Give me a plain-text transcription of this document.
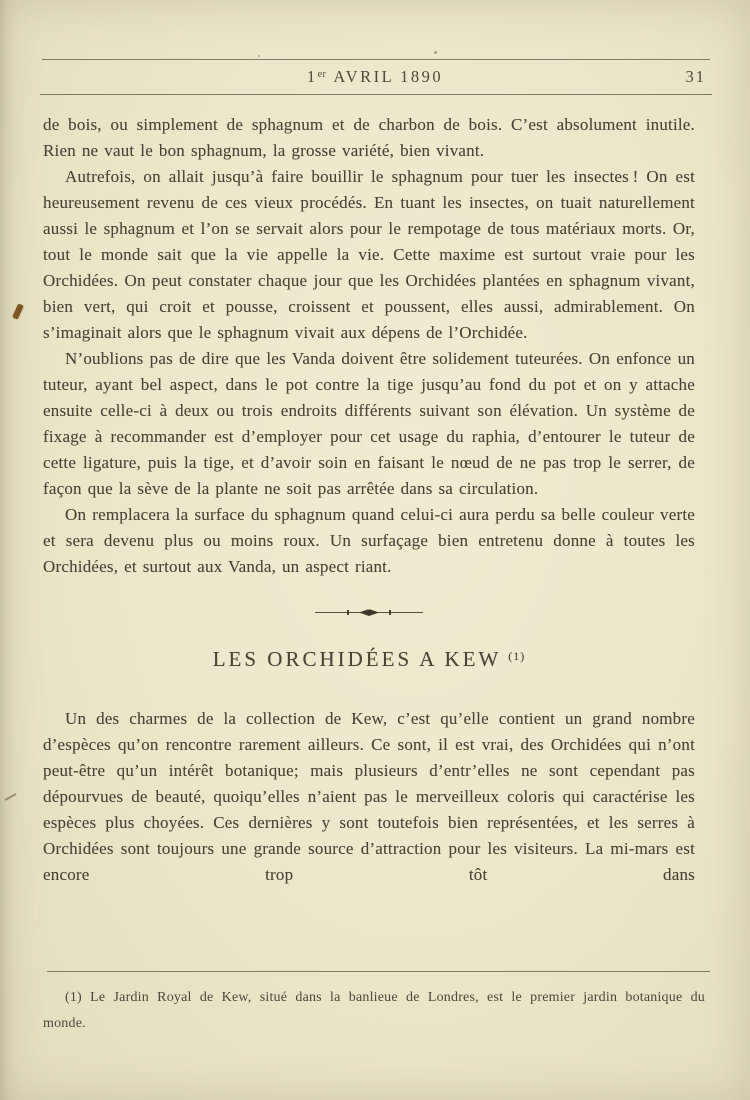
1er AVRIL 1890	31

de bois, ou simplement de sphagnum et de charbon de bois. C’est absolument inutile. Rien ne vaut le bon sphagnum, la grosse variété, bien vivant.

Autrefois, on allait jusqu’à faire bouillir le sphagnum pour tuer les insectes ! On est heureusement revenu de ces vieux procédés. En tuant les insectes, on tuait naturellement aussi le sphagnum et l’on se servait alors pour le rempotage de tous matériaux morts. Or, tout le monde sait que la vie appelle la vie. Cette maxime est surtout vraie pour les Orchidées. On peut constater chaque jour que les Orchidées plantées en sphagnum vivant, bien vert, qui croit et pousse, croissent et poussent, elles aussi, admirablement. On s’imaginait alors que le sphagnum vivait aux dépens de l’Orchidée.

N’oublions pas de dire que les Vanda doivent être solidement tuteurées. On enfonce un tuteur, ayant bel aspect, dans le pot contre la tige jusqu’au fond du pot et on y attache ensuite celle-ci à deux ou trois endroits différents suivant son élévation. Un système de fixage à recommander est d’employer pour cet usage du raphia, d’entourer le tuteur de cette ligature, puis la tige, et d’avoir soin en faisant le nœud de ne pas trop le serrer, de façon que la sève de la plante ne soit pas arrêtée dans sa circulation.

On remplacera la surface du sphagnum quand celui-ci aura perdu sa belle couleur verte et sera devenu plus ou moins roux. Un surfaçage bien entretenu donne à toutes les Orchidées, et surtout aux Vanda, un aspect riant.

LES ORCHIDÉES A KEW $^{(1)}$

Un des charmes de la collection de Kew, c’est qu’elle contient un grand nombre d’espèces qu’on rencontre rarement ailleurs. Ce sont, il est vrai, des Orchidées qui n’ont peut-être qu’un intérêt botanique; mais plusieurs d’entr’elles ne sont cependant pas dépourvues de beauté, quoiqu’elles n’aient pas le merveilleux coloris qui caractérise les espèces plus choyées. Ces dernières y sont toutefois bien représentées, et les serres à Orchidées sont toujours une grande source d’attraction pour les visiteurs. La mi-mars est encore trop tôt dans

(1) Le Jardin Royal de Kew, situé dans la banlieue de Londres, est le premier jardin botanique du monde.
